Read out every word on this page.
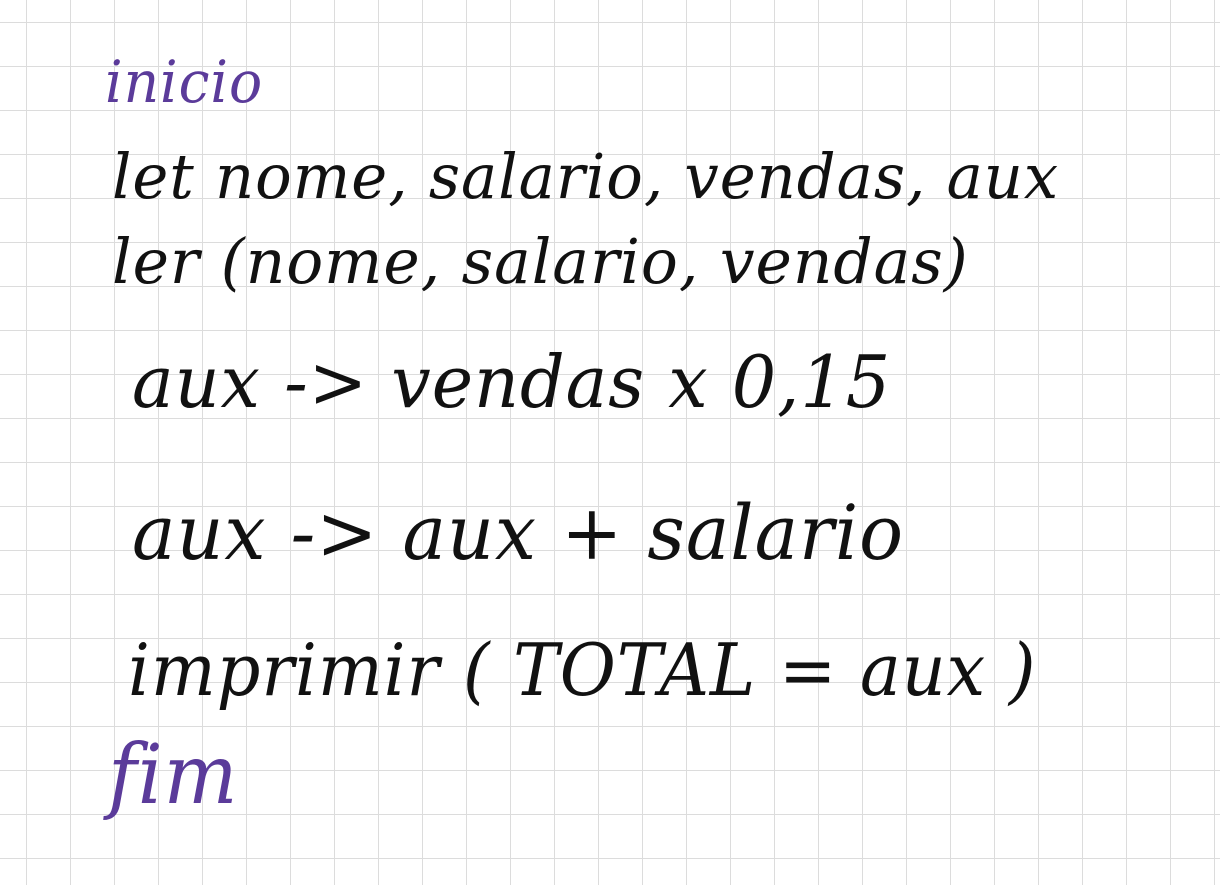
inicio
let nome, salario, vendas, aux
ler (nome, salario, vendas)
aux -> vendas x 0,15
aux -> aux + salario
imprimir ( TOTAL = aux )
fim
